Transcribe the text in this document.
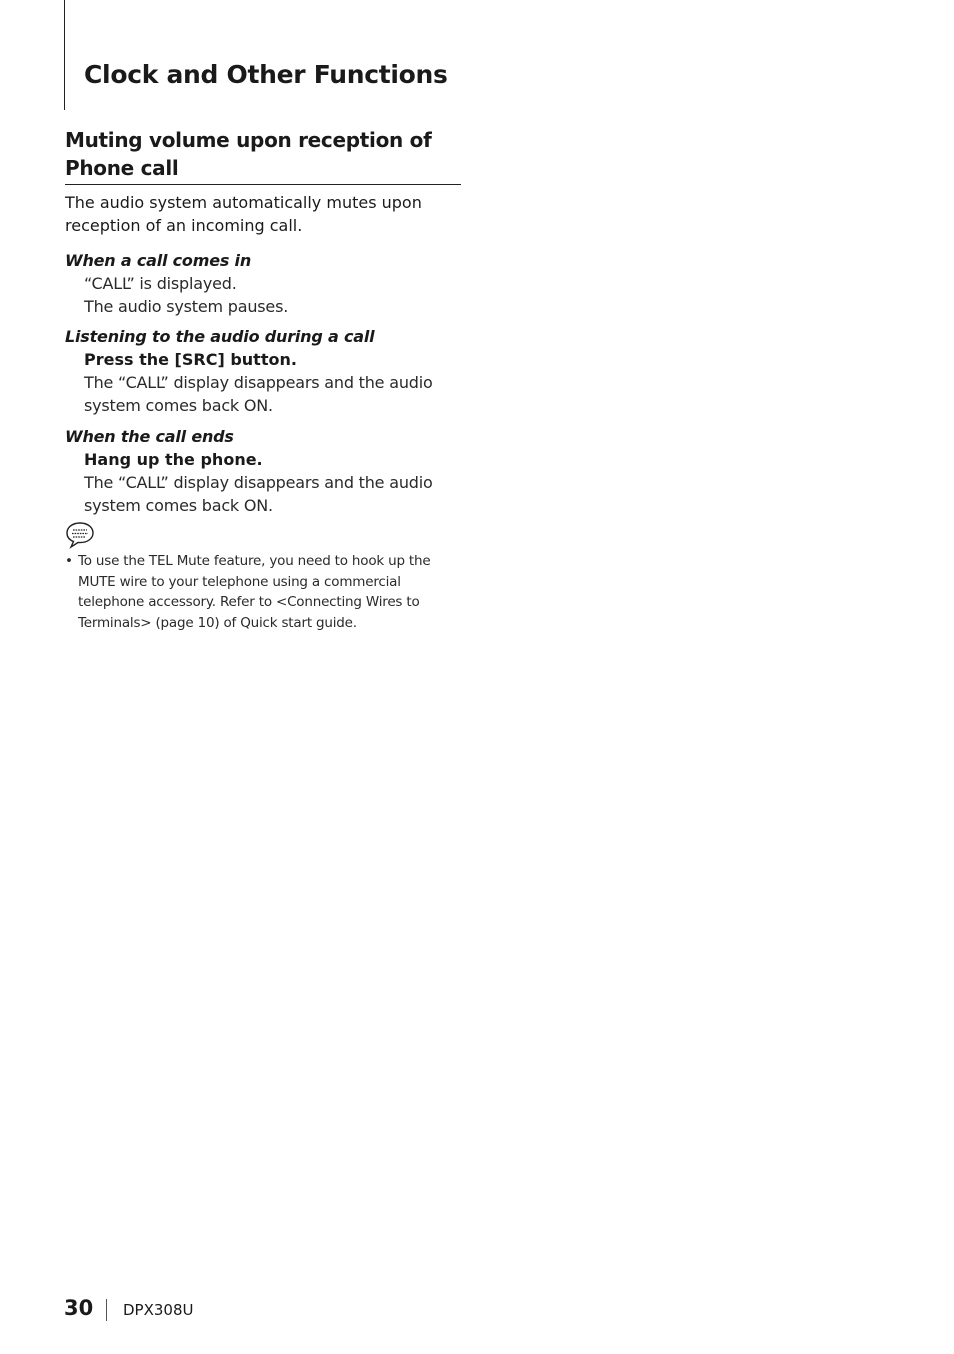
Clock and Other Functions
Muting volume upon reception of Phone call

The audio system automatically mutes upon reception of an incoming call.

When a call comes in

“CALL” is displayed.

The audio system pauses.

Listening to the audio during a call

Press the [SRC] button.

The “CALL” display disappears and the audio system comes back ON.

When the call ends

Hang up the phone.

The “CALL” display disappears and the audio system comes back ON.

• To use the TEL Mute feature, you need to hook up the MUTE wire to your telephone using a commercial telephone accessory. Refer to <Connecting Wires to Terminals> (page 10) of Quick start guide.
30 DPX308U
